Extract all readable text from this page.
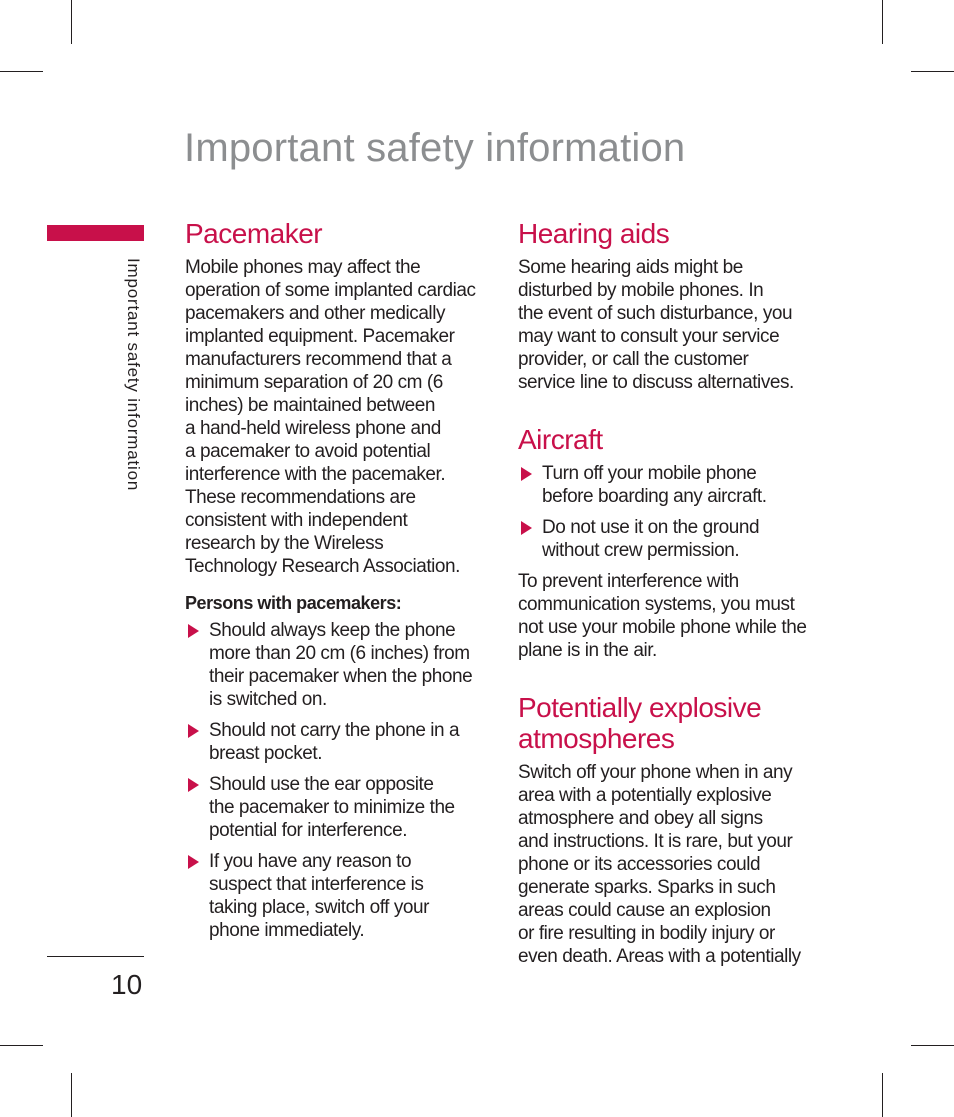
Important safety information
Important safety information
10
Pacemaker
Mobile phones may affect the
operation of some implanted cardiac
pacemakers and other medically
implanted equipment. Pacemaker
manufacturers recommend that a
minimum separation of 20 cm (6
inches) be maintained between
a hand-held wireless phone and
a pacemaker to avoid potential
interference with the pacemaker.
These recommendations are
consistent with independent
research by the Wireless
Technology Research Association.
Persons with pacemakers:
Should always keep the phone
more than 20 cm (6 inches) from
their pacemaker when the phone
is switched on.
Should not carry the phone in a
breast pocket.
Should use the ear opposite
the pacemaker to minimize the
potential for interference.
If you have any reason to
suspect that interference is
taking place, switch off your
phone immediately.
Hearing aids
Some hearing aids might be
disturbed by mobile phones. In
the event of such disturbance, you
may want to consult your service
provider, or call the customer
service line to discuss alternatives.
Aircraft
Turn off your mobile phone
before boarding any aircraft.
Do not use it on the ground
without crew permission.
To prevent interference with
communication systems, you must
not use your mobile phone while the
plane is in the air.
Potentially explosive
atmospheres
Switch off your phone when in any
area with a potentially explosive
atmosphere and obey all signs
and instructions. It is rare, but your
phone or its accessories could
generate sparks. Sparks in such
areas could cause an explosion
or fire resulting in bodily injury or
even death. Areas with a potentially
